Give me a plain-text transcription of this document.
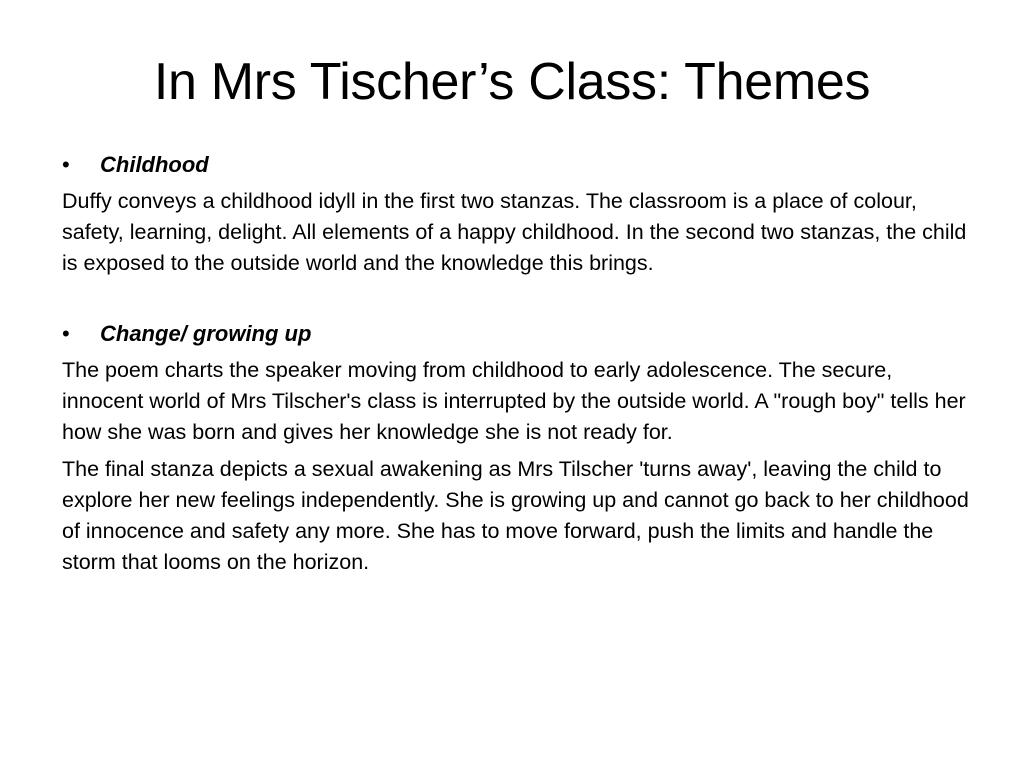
In Mrs Tischer’s Class: Themes
• Childhood

Duffy conveys a childhood idyll in the first two stanzas. The classroom is a place of colour, safety, learning, delight. All elements of a happy childhood. In the second two stanzas, the child is exposed to the outside world and the knowledge this brings.

• Change/ growing up

The poem charts the speaker moving from childhood to early adolescence. The secure, innocent world of Mrs Tilscher's class is interrupted by the outside world. A "rough boy" tells her how she was born and gives her knowledge she is not ready for.

The final stanza depicts a sexual awakening as Mrs Tilscher 'turns away', leaving the child to explore her new feelings independently. She is growing up and cannot go back to her childhood of innocence and safety any more. She has to move forward, push the limits and handle the storm that looms on the horizon.
